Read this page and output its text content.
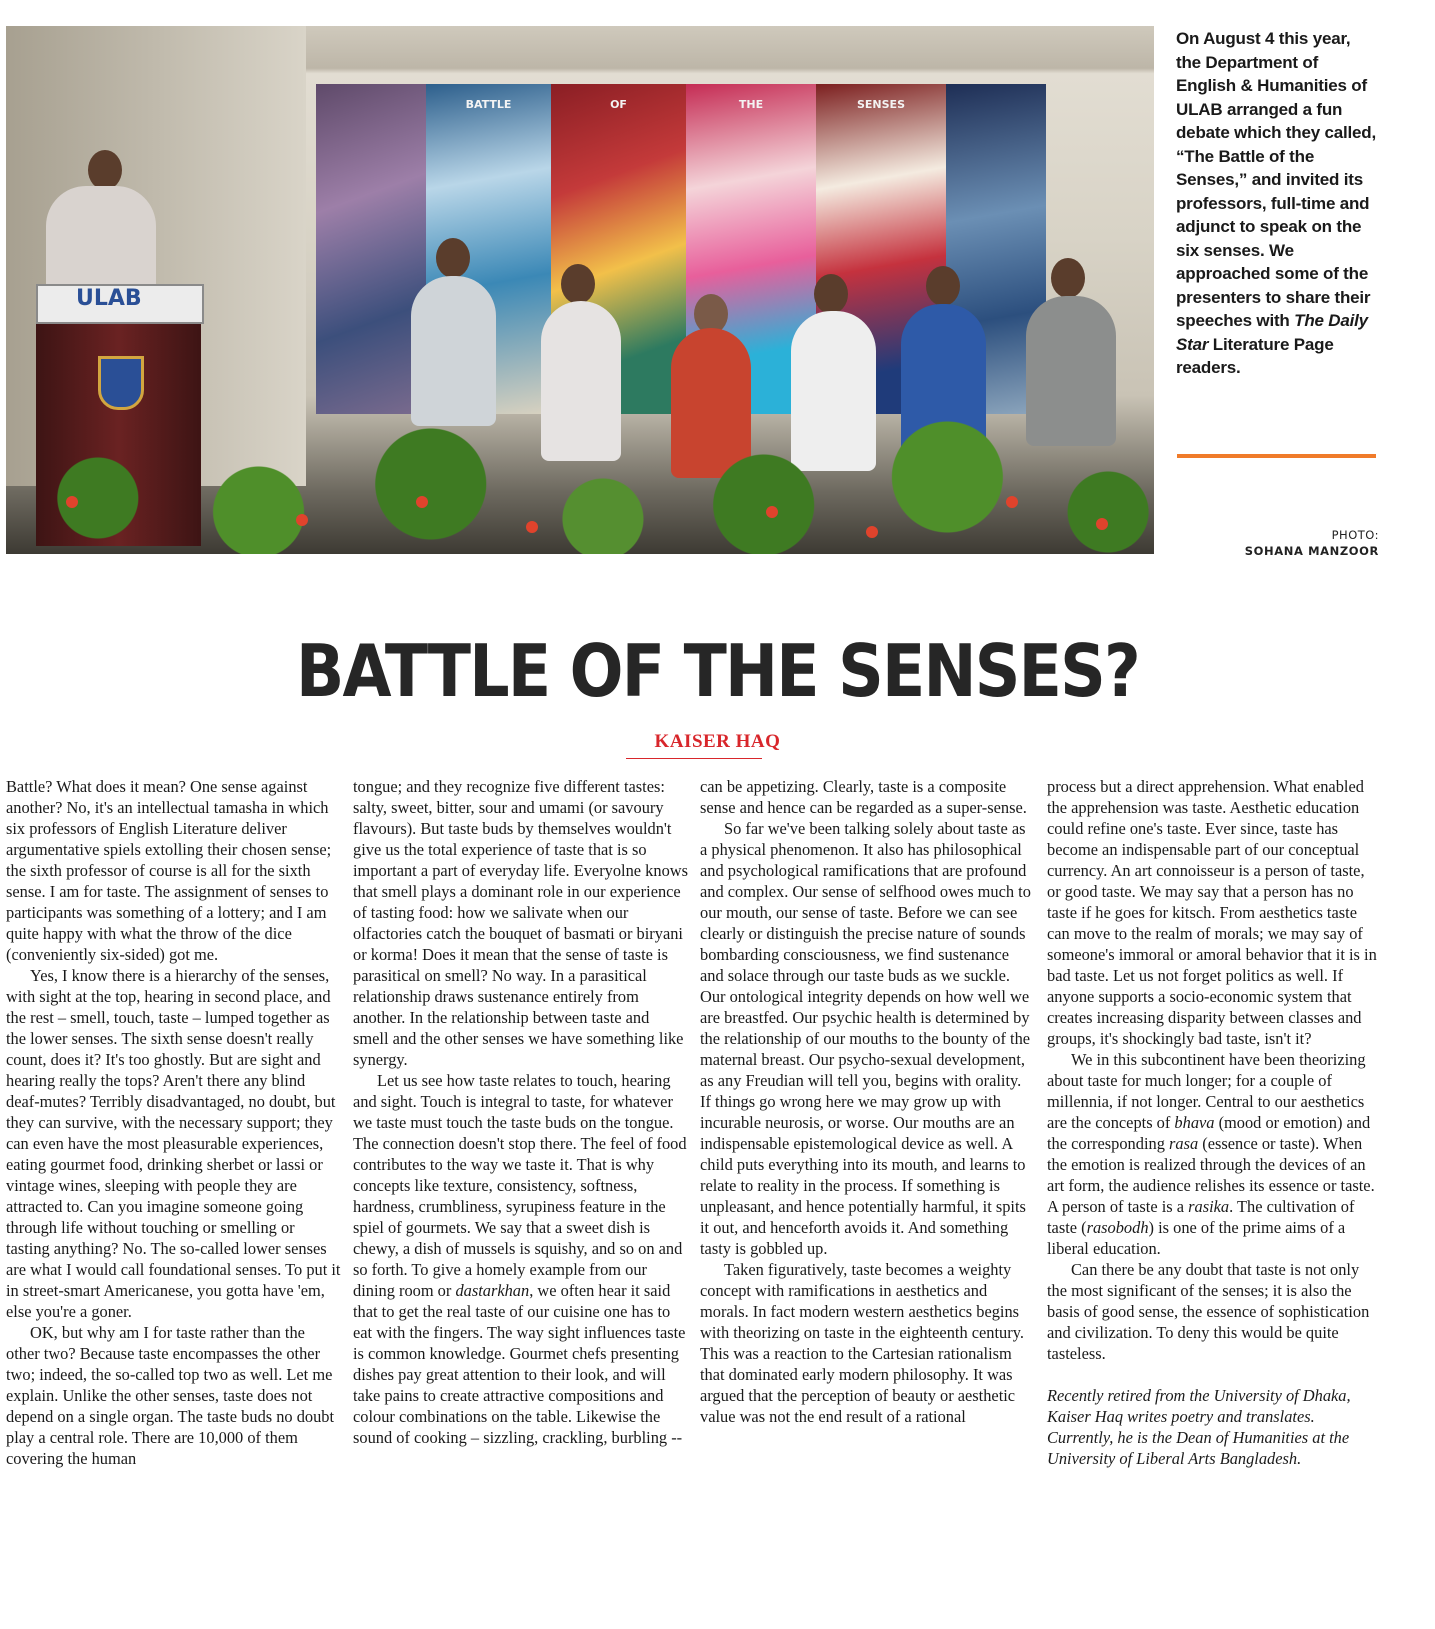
BATTLE	OF	THE	SENSES
ULAB
On August 4 this year, the Department of English & Humanities of ULAB arranged a fun debate which they called, “The Battle of the Senses,” and invited its professors, full-time and adjunct to speak on the six senses. We approached some of the presenters to share their speeches with The Daily Star Literature Page readers.
PHOTO:
SOHANA MANZOOR
BATTLE OF THE SENSES?
KAISER HAQ

Battle? What does it mean? One sense against another? No, it's an intellectual tamasha in which six professors of English Literature deliver argumentative spiels extolling their chosen sense; the sixth professor of course is all for the sixth sense. I am for taste. The assignment of senses to participants was something of a lottery; and I am quite happy with what the throw of the dice (conveniently six-sided) got me.

Yes, I know there is a hierarchy of the senses, with sight at the top, hearing in second place, and the rest – smell, touch, taste – lumped together as the lower senses. The sixth sense doesn't really count, does it? It's too ghostly. But are sight and hearing really the tops? Aren't there any blind deaf-mutes? Terribly disadvantaged, no doubt, but they can survive, with the necessary support; they can even have the most pleasurable experiences, eating gourmet food, drinking sherbet or lassi or vintage wines, sleeping with people they are attracted to. Can you imagine someone going through life without touching or smelling or tasting anything? No. The so-called lower senses are what I would call foundational senses. To put it in street-smart Americanese, you gotta have 'em, else you're a goner.

OK, but why am I for taste rather than the other two? Because taste encompasses the other two; indeed, the so-called top two as well. Let me explain. Unlike the other senses, taste does not depend on a single organ. The taste buds no doubt play a central role. There are 10,000 of them covering the human

tongue; and they recognize five different tastes: salty, sweet, bitter, sour and umami (or savoury flavours). But taste buds by themselves wouldn't give us the total experience of taste that is so important a part of everyday life. Everyolne knows that smell plays a dominant role in our experience of tasting food: how we salivate when our olfactories catch the bouquet of basmati or biryani or korma! Does it mean that the sense of taste is parasitical on smell? No way. In a parasitical relationship draws sustenance entirely from another. In the relationship between taste and smell and the other senses we have something like synergy.

Let us see how taste relates to touch, hearing and sight. Touch is integral to taste, for whatever we taste must touch the taste buds on the tongue. The connection doesn't stop there. The feel of food contributes to the way we taste it. That is why concepts like texture, consistency, softness, hardness, crumbliness, syrupiness feature in the spiel of gourmets. We say that a sweet dish is chewy, a dish of mussels is squishy, and so on and so forth. To give a homely example from our dining room or dastarkhan, we often hear it said that to get the real taste of our cuisine one has to eat with the fingers. The way sight influences taste is common knowledge. Gourmet chefs presenting dishes pay great attention to their look, and will take pains to create attractive compositions and colour combinations on the table. Likewise the sound of cooking – sizzling, crackling, burbling --

can be appetizing. Clearly, taste is a composite sense and hence can be regarded as a super-sense.

So far we've been talking solely about taste as a physical phenomenon. It also has philosophical and psychological ramifications that are profound and complex. Our sense of selfhood owes much to our mouth, our sense of taste. Before we can see clearly or distinguish the precise nature of sounds bombarding consciousness, we find sustenance and solace through our taste buds as we suckle. Our ontological integrity depends on how well we are breastfed. Our psychic health is determined by the relationship of our mouths to the bounty of the maternal breast. Our psycho-sexual development, as any Freudian will tell you, begins with orality. If things go wrong here we may grow up with incurable neurosis, or worse. Our mouths are an indispensable epistemological device as well. A child puts everything into its mouth, and learns to relate to reality in the process. If something is unpleasant, and hence potentially harmful, it spits it out, and henceforth avoids it. And something tasty is gobbled up.

Taken figuratively, taste becomes a weighty concept with ramifications in aesthetics and morals. In fact modern western aesthetics begins with theorizing on taste in the eighteenth century. This was a reaction to the Cartesian rationalism that dominated early modern philosophy. It was argued that the perception of beauty or aesthetic value was not the end result of a rational

process but a direct apprehension. What enabled the apprehension was taste. Aesthetic education could refine one's taste. Ever since, taste has become an indispensable part of our conceptual currency. An art connoisseur is a person of taste, or good taste. We may say that a person has no taste if he goes for kitsch. From aesthetics taste can move to the realm of morals; we may say of someone's immoral or amoral behavior that it is in bad taste. Let us not forget politics as well. If anyone supports a socio-economic system that creates increasing disparity between classes and groups, it's shockingly bad taste, isn't it?

We in this subcontinent have been theorizing about taste for much longer; for a couple of millennia, if not longer. Central to our aesthetics are the concepts of bhava (mood or emotion) and the corresponding rasa (essence or taste). When the emotion is realized through the devices of an art form, the audience relishes its essence or taste. A person of taste is a rasika. The cultivation of taste (rasobodh) is one of the prime aims of a liberal education.

Can there be any doubt that taste is not only the most significant of the senses; it is also the basis of good sense, the essence of sophistication and civilization. To deny this would be quite tasteless.

Recently retired from the University of Dhaka, Kaiser Haq writes poetry and translates. Currently, he is the Dean of Humanities at the University of Liberal Arts Bangladesh.
